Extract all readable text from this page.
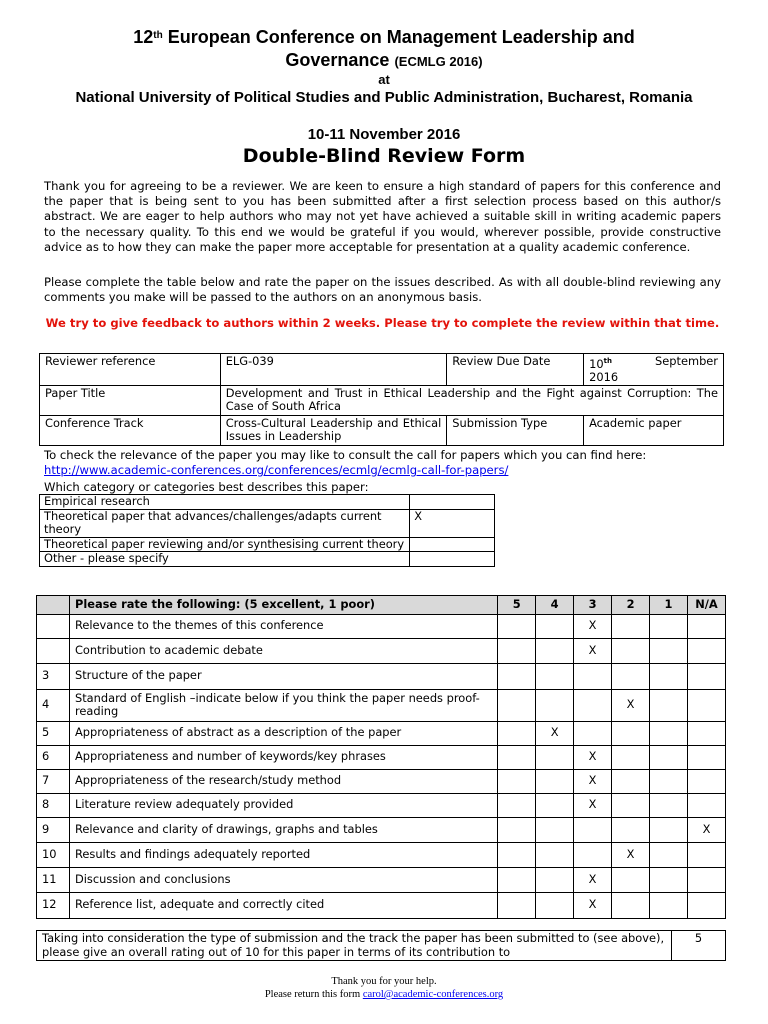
12th European Conference on Management Leadership and
Governance (ECMLG 2016)
at
National University of Political Studies and Public Administration, Bucharest, Romania
10-11 November 2016
Double-Blind Review Form
Thank you for agreeing to be a reviewer. We are keen to ensure a high standard of papers for this conference and the paper that is being sent to you has been submitted after a first selection process based on this author/s abstract. We are eager to help authors who may not yet have achieved a suitable skill in writing academic papers to the necessary quality. To this end we would be grateful if you would, wherever possible, provide constructive advice as to how they can make the paper more acceptable for presentation at a quality academic conference.
Please complete the table below and rate the paper on the issues described. As with all double-blind reviewing any comments you make will be passed to the authors on an anonymous basis.
We try to give feedback to authors within 2 weeks. Please try to complete the review within that time.
Reviewer reference	ELG-039	Review Due Date	10th September
2016
Paper Title	Development and Trust in Ethical Leadership and the Fight against Corruption: The Case of South Africa		
Conference Track	Cross-Cultural Leadership and Ethical Issues in Leadership	Submission Type	Academic paper
To check the relevance of the paper you may like to consult the call for papers which you can find here:
http://www.academic-conferences.org/conferences/ecmlg/ecmlg-call-for-papers/
Which category or categories best describes this paper:
Empirical research	
Theoretical paper that advances/challenges/adapts current theory	X
Theoretical paper reviewing and/or synthesising current theory	
Other - please specify	
	Please rate the following: (5 excellent, 1 poor)	5	4	3	2	1	N/A
	Relevance to the themes of this conference			X			
	Contribution to academic debate			X			
3	Structure of the paper						
4	Standard of English –indicate below if you think the paper needs proof-reading				X		
5	Appropriateness of abstract as a description of the paper		X				
6	Appropriateness and number of keywords/key phrases			X			
7	Appropriateness of the research/study method			X			
8	Literature review adequately provided			X			
9	Relevance and clarity of drawings, graphs and tables						X
10	Results and findings adequately reported				X		
11	Discussion and conclusions			X			
12	Reference list, adequate and correctly cited			X			
Taking into consideration the type of submission and the track the paper has been submitted to (see above), please give an overall rating out of 10 for this paper in terms of its contribution to	5
Thank you for your help.
Please return this form carol@academic-conferences.org
